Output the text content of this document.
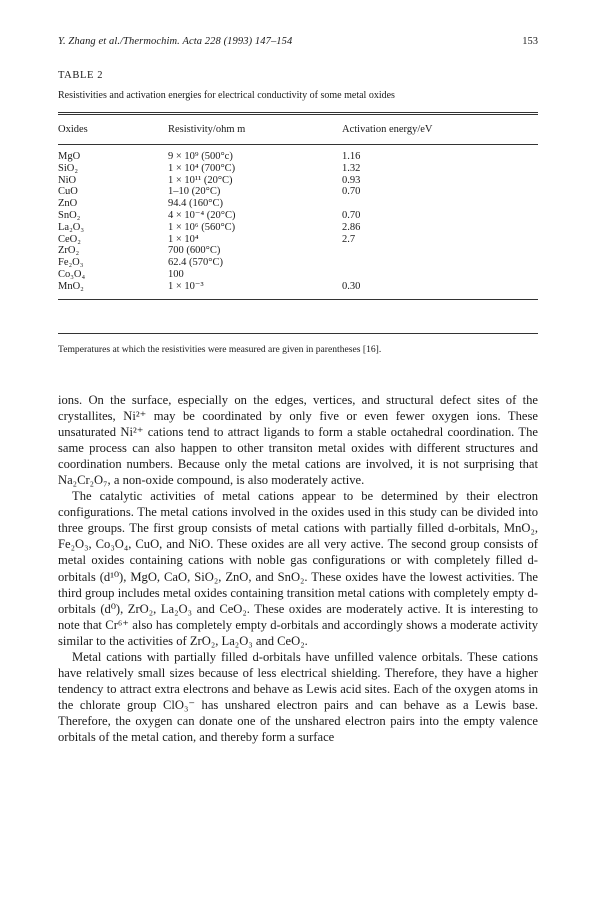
Y. Zhang et al./Thermochim. Acta 228 (1993) 147–154	153
TABLE 2
Resistivities and activation energies for electrical conductivity of some metal oxides
Oxides	Resistivity/ohm m	Activation energy/eV
MgO	9 × 10⁹ (500°c)	1.16
SiO₂	1 × 10⁴ (700°C)	1.32
NiO	1 × 10¹¹ (20°C)	0.93
CuO	1–10 (20°C)	0.70
ZnO	94.4 (160°C)
SnO₂	4 × 10⁻⁴ (20°C)	0.70
La₂O₃	1 × 10⁶ (560°C)	2.86
CeO₂	1 × 10⁴	2.7
ZrO₂	700 (600°C)
Fe₂O₃	62.4 (570°C)
Co₃O₄	100
MnO₂	1 × 10⁻³	0.30
Temperatures at which the resistivities were measured are given in parentheses [16].

ions. On the surface, especially on the edges, vertices, and structural defect sites of the crystallites, Ni²⁺ may be coordinated by only five or even fewer oxygen ions. These unsaturated Ni²⁺ cations tend to attract ligands to form a stable octahedral coordination. The same process can also happen to other transiton metal oxides with different structures and coordination numbers. Because only the metal cations are involved, it is not surprising that Na₂Cr₂O₇, a non-oxide compound, is also moderately active.

The catalytic activities of metal cations appear to be determined by their electron configurations. The metal cations involved in the oxides used in this study can be divided into three groups. The first group consists of metal cations with partially filled d-orbitals, MnO₂, Fe₂O₃, Co₃O₄, CuO, and NiO. These oxides are all very active. The second group consists of metal oxides containing cations with noble gas configurations or with completely filled d-orbitals (d¹⁰), MgO, CaO, SiO₂, ZnO, and SnO₂. These oxides have the lowest activities. The third group includes metal oxides containing transition metal cations with completely empty d-orbitals (d⁰), ZrO₂, La₂O₃ and CeO₂. These oxides are moderately active. It is interesting to note that Cr⁶⁺ also has completely empty d-orbitals and accordingly shows a moderate activity similar to the activities of ZrO₂, La₂O₃ and CeO₂.

Metal cations with partially filled d-orbitals have unfilled valence orbitals. These cations have relatively small sizes because of less electrical shielding. Therefore, they have a higher tendency to attract extra electrons and behave as Lewis acid sites. Each of the oxygen atoms in the chlorate group ClO₃⁻ has unshared electron pairs and can behave as a Lewis base. Therefore, the oxygen can donate one of the unshared electron pairs into the empty valence orbitals of the metal cation, and thereby form a surface
